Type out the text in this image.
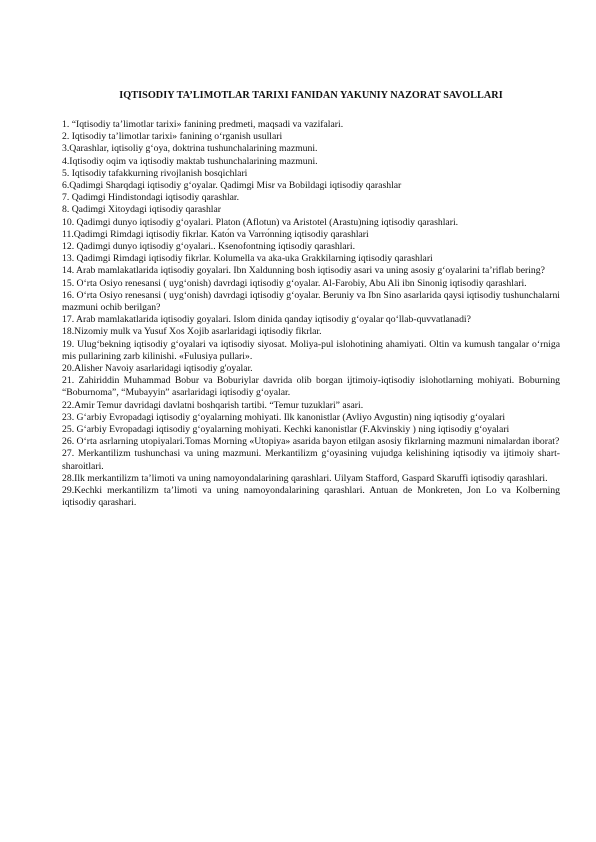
IQTISODIY TA’LIMOTLAR TARIXI FANIDAN YAKUNIY NAZORAT SAVOLLARI

1. “Iqtisodiy ta’limotlar tarixi» fanining predmeti, maqsadi va vazifalari.

2. Iqtisodiy ta’limotlar tarixi» fanining o‘rganish usullari

3.Qarashlar, iqtisoliy g‘oya, doktrina tushunchalarining mazmuni.

4.Iqtisodiy oqim va iqtisodiy maktab tushunchalarining mazmuni.

5. Iqtisodiy tafakkurning rivojlanish bosqichlari

6.Qadimgi Sharqdagi iqtisodiy g‘oyalar. Qadimgi Misr va Bobildagi iqtisodiy qarashlar

7. Qadimgi Hindistondagi iqtisodiy qarashlar.

8. Qadimgi Xitoydagi iqtisodiy qarashlar

10. Qadimgi dunyo iqtisodiy g‘oyalari. Platon (Aflotun) va Aristotel (Arastu)ning iqtisodiy qarashlari.

11.Qadimgi Rimdagi iqtisodiy fikrlar. Katо́n va Varrо́nning iqtisodiy qarashlari

12. Qadimgi dunyo iqtisodiy g‘oyalari.. Ksenofontning iqtisodiy qarashlari.

13. Qadimgi Rimdagi iqtisodiy fikrlar. Kolumella va aka-uka Grakkilarning iqtisodiy qarashlari

14. Arab mamlakatlarida iqtisodiy goyalari. Ibn Xaldunning bosh iqtisodiy asari va uning asosiy g‘oyalarini ta’riflab bering?

15. O‘rta Osiyo renesansi ( uyg‘onish) davrdagi iqtisodiy g‘oyalar. Al-Farobiy, Abu Ali ibn Sinonig iqtisodiy qarashlari.

16. O‘rta Osiyo renesansi ( uyg‘onish) davrdagi iqtisodiy g‘oyalar. Beruniy va Ibn Sino asarlarida qaysi iqtisodiy tushunchalarni mazmuni ochib berilgan?

17. Arab mamlakatlarida iqtisodiy goyalari. Islom dinida qanday iqtisodiy g‘oyalar qo‘llab-quvvatlanadi?

18.Nizomiy mulk va Yusuf Xos Xojib asarlaridagi iqtisodiy fikrlar.

19. Ulug‘bekning iqtisodiy g‘oyalari va iqtisodiy siyosat. Moliya-pul islohotining ahamiyati. Oltin va kumush tangalar o‘rniga mis pullarining zarb kilinishi. «Fulusiya pullari».

20.Alisher Navoiy asarlaridagi iqtisodiy g'oyalar.

21. Zahiriddin Muhammad Bobur va Boburiylar davrida olib borgan ijtimoiy-iqtisodiy islohotlarning mohiyati. Boburning “Boburnoma”, “Mubayyin” asarlaridagi iqtisodiy g‘oyalar.

22.Amir Temur davridagi davlatni boshqarish tartibi. “Temur tuzuklari” asari.

23. G‘arbiy Evropadagi iqtisodiy g‘oyalarning mohiyati. Ilk kanonistlar (Avliyo Avgustin) ning iqtisodiy g‘oyalari

25. G‘arbiy Evropadagi iqtisodiy g‘oyalarning mohiyati. Kechki kanonistlar (F.Akvinskiy ) ning iqtisodiy g‘oyalari

26. O‘rta asrlarning utopiyalari.Tomas Morning «Utopiya» asarida bayon etilgan asosiy fikrlarning mazmuni nimalardan iborat?

27. Merkantilizm tushunchasi va uning mazmuni. Merkantilizm g‘oyasining vujudga kelishining iqtisodiy va ijtimoiy shart- sharoitlari.

28.Ilk merkantilizm ta’limoti va uning namoyondalarining qarashlari. Uilyam Stafford, Gaspard Skaruffi iqtisodiy qarashlari.

29.Kechki merkantilizm ta’limoti va uning namoyondalarining qarashlari. Antuan de Monkreten, Jon Lo va Kolberning iqtisodiy qarashari.
